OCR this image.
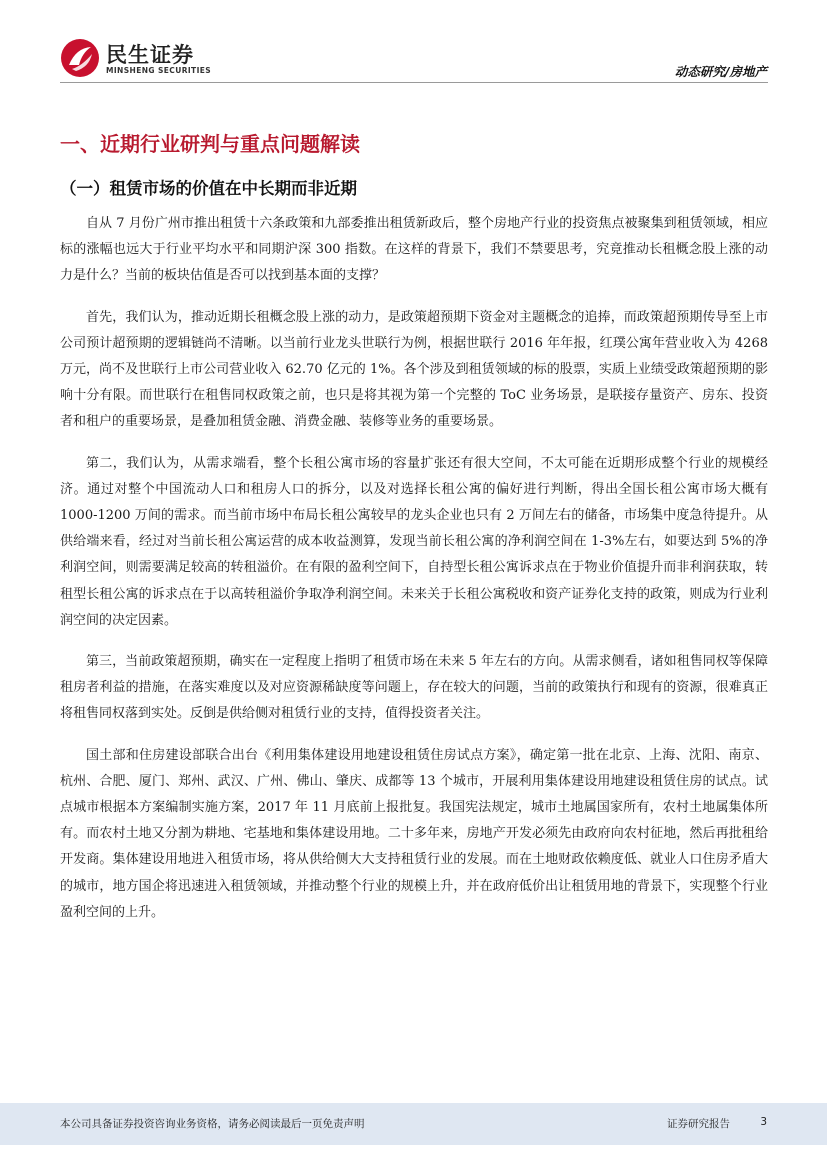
民生证券
MINSHENG SECURITIES	动态研究/房地产
一、近期行业研判与重点问题解读
（一）租赁市场的价值在中长期而非近期

自从 7 月份广州市推出租赁十六条政策和九部委推出租赁新政后，整个房地产行业的投资焦点被聚集到租赁领域，相应标的涨幅也远大于行业平均水平和同期沪深 300 指数。在这样的背景下，我们不禁要思考，究竟推动长租概念股上涨的动力是什么？当前的板块估值是否可以找到基本面的支撑？

首先，我们认为，推动近期长租概念股上涨的动力，是政策超预期下资金对主题概念的追捧，而政策超预期传导至上市公司预计超预期的逻辑链尚不清晰。以当前行业龙头世联行为例，根据世联行 2016 年年报，红璞公寓年营业收入为 4268 万元，尚不及世联行上市公司营业收入 62.70 亿元的 1%。各个涉及到租赁领域的标的股票，实质上业绩受政策超预期的影响十分有限。而世联行在租售同权政策之前，也只是将其视为第一个完整的 ToC 业务场景，是联接存量资产、房东、投资者和租户的重要场景，是叠加租赁金融、消费金融、装修等业务的重要场景。

第二，我们认为，从需求端看，整个长租公寓市场的容量扩张还有很大空间，不太可能在近期形成整个行业的规模经济。通过对整个中国流动人口和租房人口的拆分，以及对选择长租公寓的偏好进行判断，得出全国长租公寓市场大概有 1000-1200 万间的需求。而当前市场中布局长租公寓较早的龙头企业也只有 2 万间左右的储备，市场集中度急待提升。从供给端来看，经过对当前长租公寓运营的成本收益测算，发现当前长租公寓的净利润空间在 1-3%左右，如要达到 5%的净利润空间，则需要满足较高的转租溢价。在有限的盈利空间下，自持型长租公寓诉求点在于物业价值提升而非利润获取，转租型长租公寓的诉求点在于以高转租溢价争取净利润空间。未来关于长租公寓税收和资产证券化支持的政策，则成为行业利润空间的决定因素。

第三，当前政策超预期，确实在一定程度上指明了租赁市场在未来 5 年左右的方向。从需求侧看，诸如租售同权等保障租房者利益的措施，在落实难度以及对应资源稀缺度等问题上，存在较大的问题，当前的政策执行和现有的资源，很难真正将租售同权落到实处。反倒是供给侧对租赁行业的支持，值得投资者关注。

国土部和住房建设部联合出台《利用集体建设用地建设租赁住房试点方案》，确定第一批在北京、上海、沈阳、南京、杭州、合肥、厦门、郑州、武汉、广州、佛山、肇庆、成都等 13 个城市，开展利用集体建设用地建设租赁住房的试点。试点城市根据本方案编制实施方案，2017 年 11 月底前上报批复。我国宪法规定，城市土地属国家所有，农村土地属集体所有。而农村土地又分割为耕地、宅基地和集体建设用地。二十多年来，房地产开发必须先由政府向农村征地，然后再批租给开发商。集体建设用地进入租赁市场，将从供给侧大大支持租赁行业的发展。而在土地财政依赖度低、就业人口住房矛盾大的城市，地方国企将迅速进入租赁领域，并推动整个行业的规模上升，并在政府低价出让租赁用地的背景下，实现整个行业盈利空间的上升。

本公司具备证券投资咨询业务资格，请务必阅读最后一页免责声明	证券研究报告	3
